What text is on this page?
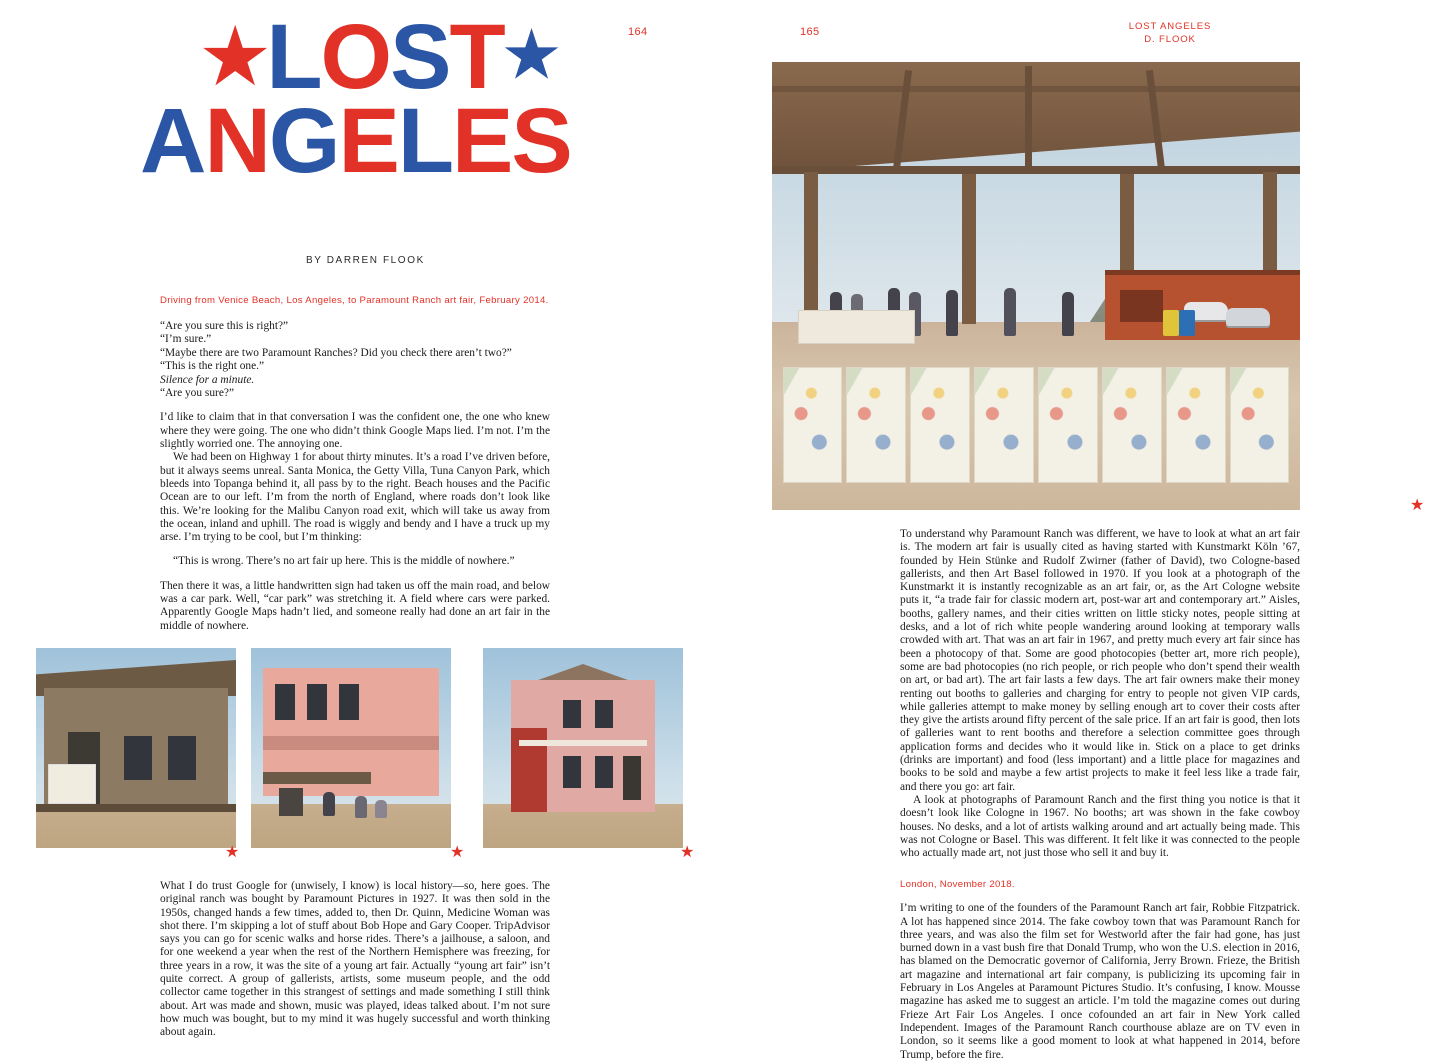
164	165	LOST ANGELES
D. FLOOK
★LOST★
ANGELES
BY DARREN FLOOK
Driving from Venice Beach, Los Angeles, to Paramount Ranch art fair, February 2014.
“Are you sure this is right?”
“I’m sure.”
“Maybe there are two Paramount Ranches? Did you check there aren’t two?”
“This is the right one.”
Silence for a minute.
“Are you sure?”

I’d like to claim that in that conversation I was the confident one, the one who knew where they were going. The one who didn’t think Google Maps lied. I’m not. I’m the slightly worried one. The annoying one.

We had been on Highway 1 for about thirty minutes. It’s a road I’ve driven before, but it always seems unreal. Santa Monica, the Getty Villa, Tuna Canyon Park, which bleeds into Topanga behind it, all pass by to the right. Beach houses and the Pacific Ocean are to our left. I’m from the north of England, where roads don’t look like this. We’re looking for the Malibu Canyon road exit, which will take us away from the ocean, inland and uphill. The road is wiggly and bendy and I have a truck up my arse. I’m trying to be cool, but I’m thinking:

“This is wrong. There’s no art fair up here. This is the middle of nowhere.”

Then there it was, a little handwritten sign had taken us off the main road, and below was a car park. Well, “car park” was stretching it. A field where cars were parked. Apparently Google Maps hadn’t lied, and someone really had done an art fair in the middle of nowhere.

What I do trust Google for (unwisely, I know) is local history—so, here goes. The original ranch was bought by Paramount Pictures in 1927. It was then sold in the 1950s, changed hands a few times, added to, then Dr. Quinn, Medicine Woman was shot there. I’m skipping a lot of stuff about Bob Hope and Gary Cooper. TripAdvisor says you can go for scenic walks and horse rides. There’s a jailhouse, a saloon, and for one weekend a year when the rest of the Northern Hemisphere was freezing, for three years in a row, it was the site of a young art fair. Actually “young art fair” isn’t quite correct. A group of gallerists, artists, some museum people, and the odd collector came together in this strangest of settings and made something I still think about. Art was made and shown, music was played, ideas talked about. I’m not sure how much was bought, but to my mind it was hugely successful and worth thinking about again.

To understand why Paramount Ranch was different, we have to look at what an art fair is. The modern art fair is usually cited as having started with Kunstmarkt Köln ’67, founded by Hein Stünke and Rudolf Zwirner (father of David), two Cologne-based gallerists, and then Art Basel followed in 1970. If you look at a photograph of the Kunstmarkt it is instantly recognizable as an art fair, or, as the Art Cologne website puts it, “a trade fair for classic modern art, post-war art and contemporary art.” Aisles, booths, gallery names, and their cities written on little sticky notes, people sitting at desks, and a lot of rich white people wandering around looking at temporary walls crowded with art. That was an art fair in 1967, and pretty much every art fair since has been a photocopy of that. Some are good photocopies (better art, more rich people), some are bad photocopies (no rich people, or rich people who don’t spend their wealth on art, or bad art). The art fair lasts a few days. The art fair owners make their money renting out booths to galleries and charging for entry to people not given VIP cards, while galleries attempt to make money by selling enough art to cover their costs after they give the artists around fifty percent of the sale price. If an art fair is good, then lots of galleries want to rent booths and therefore a selection committee goes through application forms and decides who it would like in. Stick on a place to get drinks (drinks are important) and food (less important) and a little place for magazines and books to be sold and maybe a few artist projects to make it feel less like a trade fair, and there you go: art fair.

A look at photographs of Paramount Ranch and the first thing you notice is that it doesn’t look like Cologne in 1967. No booths; art was shown in the fake cowboy houses. No desks, and a lot of artists walking around and art actually being made. This was not Cologne or Basel. This was different. It felt like it was connected to the people who actually made art, not just those who sell it and buy it.

London, November 2018.

I’m writing to one of the founders of the Paramount Ranch art fair, Robbie Fitzpatrick. A lot has happened since 2014. The fake cowboy town that was Paramount Ranch for three years, and was also the film set for Westworld after the fair had gone, has just burned down in a vast bush fire that Donald Trump, who won the U.S. election in 2016, has blamed on the Democratic governor of California, Jerry Brown. Frieze, the British art magazine and international art fair company, is publicizing its upcoming fair in February in Los Angeles at Paramount Pictures Studio. It’s confusing, I know. Mousse magazine has asked me to suggest an article. I’m told the magazine comes out during Frieze Art Fair Los Angeles. I once cofounded an art fair in New York called Independent. Images of the Paramount Ranch courthouse ablaze are on TV even in London, so it seems like a good moment to look at what happened in 2014, before Trump, before the fire.

★
★	★	★
